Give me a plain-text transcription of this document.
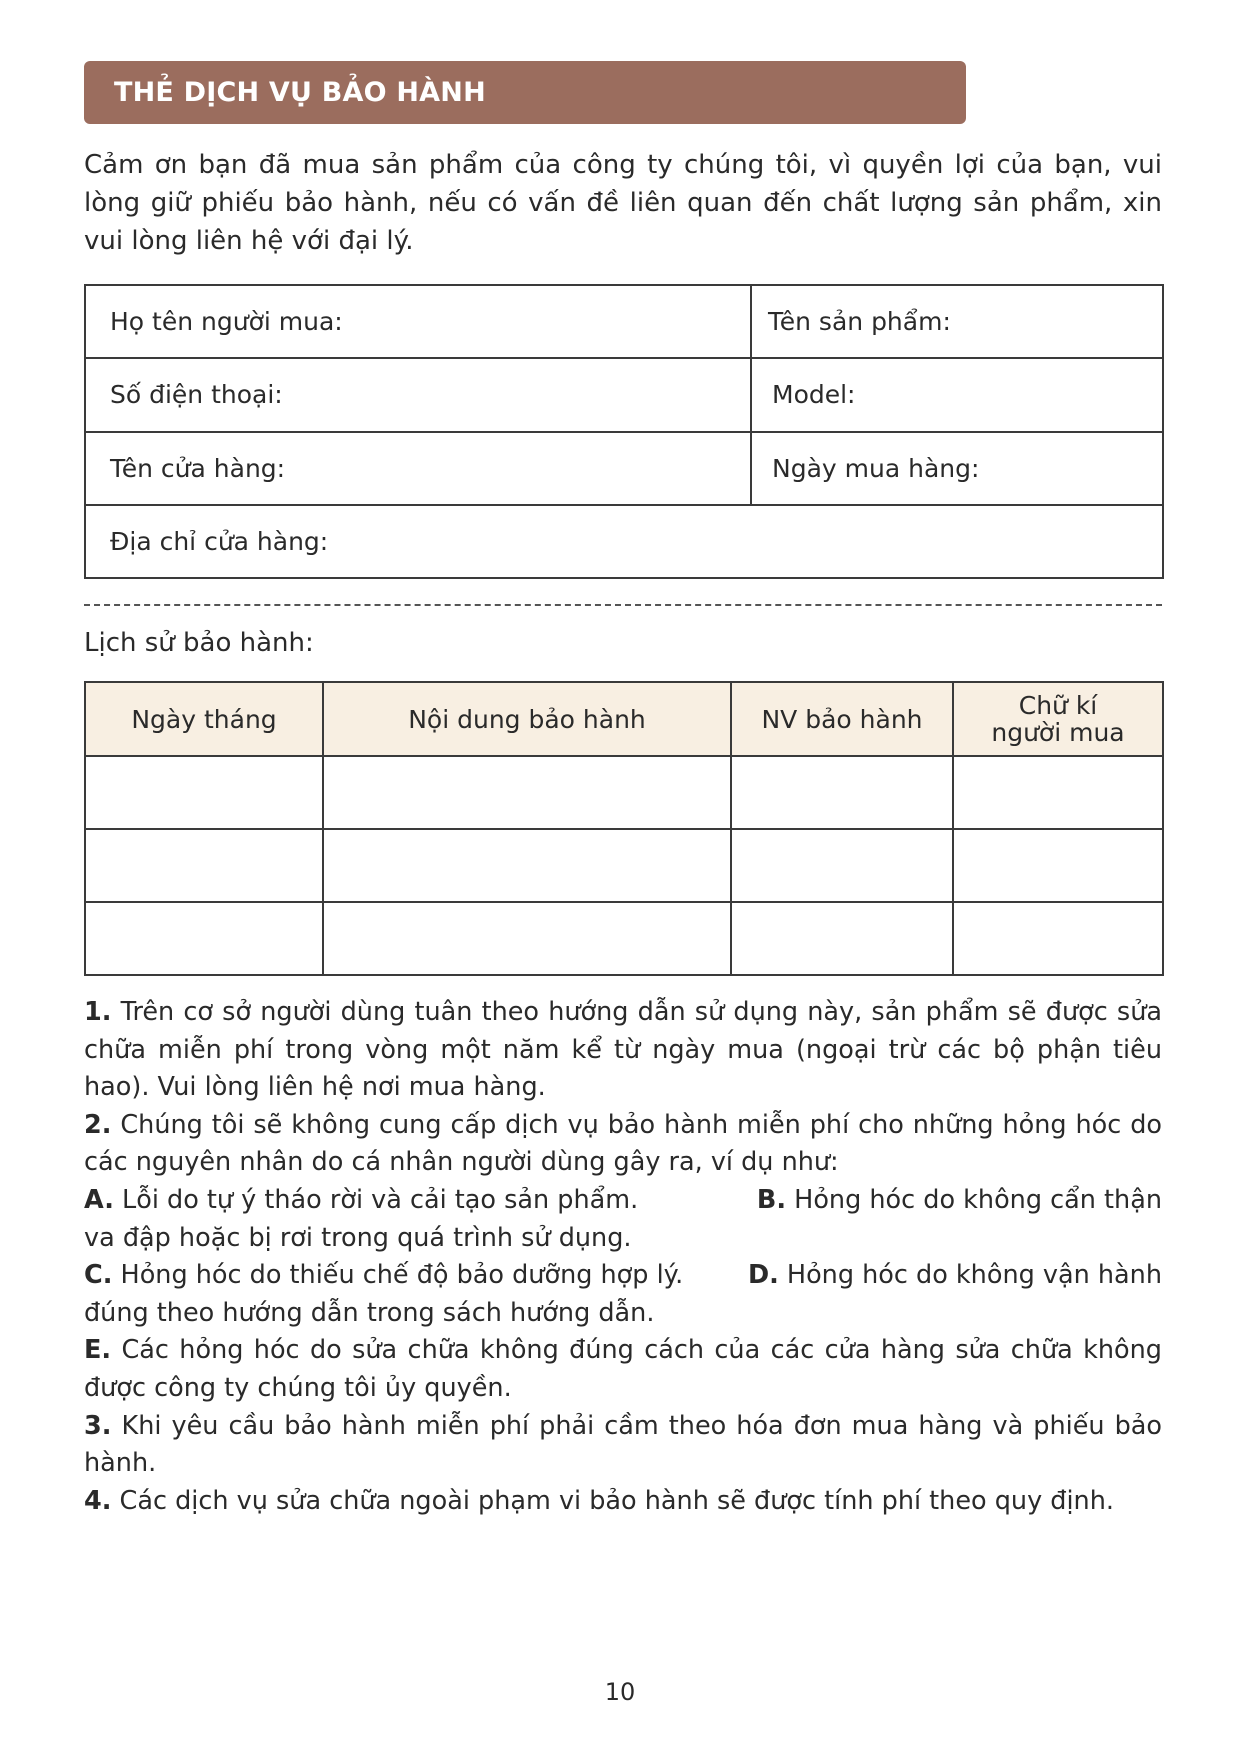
THẺ DỊCH VỤ BẢO HÀNH
Cảm ơn bạn đã mua sản phẩm của công ty chúng tôi, vì quyền lợi của bạn, vui lòng giữ phiếu bảo hành, nếu có vấn đề liên quan đến chất lượng sản phẩm, xin vui lòng liên hệ với đại lý.
Họ tên người mua:	Tên sản phẩm:
Số điện thoại:	Model:
Tên cửa hàng:	Ngày mua hàng:
Địa chỉ cửa hàng:	
Lịch sử bảo hành:
Ngày tháng	Nội dung bảo hành	NV bảo hành	Chữ kí
người mua

1. Trên cơ sở người dùng tuân theo hướng dẫn sử dụng này, sản phẩm sẽ được sửa chữa miễn phí trong vòng một năm kể từ ngày mua (ngoại trừ các bộ phận tiêu hao). Vui lòng liên hệ nơi mua hàng.

2. Chúng tôi sẽ không cung cấp dịch vụ bảo hành miễn phí cho những hỏng hóc do các nguyên nhân do cá nhân người dùng gây ra, ví dụ như:

A. Lỗi do tự ý tháo rời và cải tạo sản phẩm.	B. Hỏng hóc do không cẩn thận

va đập hoặc bị rơi trong quá trình sử dụng.

C. Hỏng hóc do thiếu chế độ bảo dưỡng hợp lý.	D. Hỏng hóc do không vận hành

đúng theo hướng dẫn trong sách hướng dẫn.

E. Các hỏng hóc do sửa chữa không đúng cách của các cửa hàng sửa chữa không được công ty chúng tôi ủy quyền.

3. Khi yêu cầu bảo hành miễn phí phải cầm theo hóa đơn mua hàng và phiếu bảo hành.

4. Các dịch vụ sửa chữa ngoài phạm vi bảo hành sẽ được tính phí theo quy định.

10
